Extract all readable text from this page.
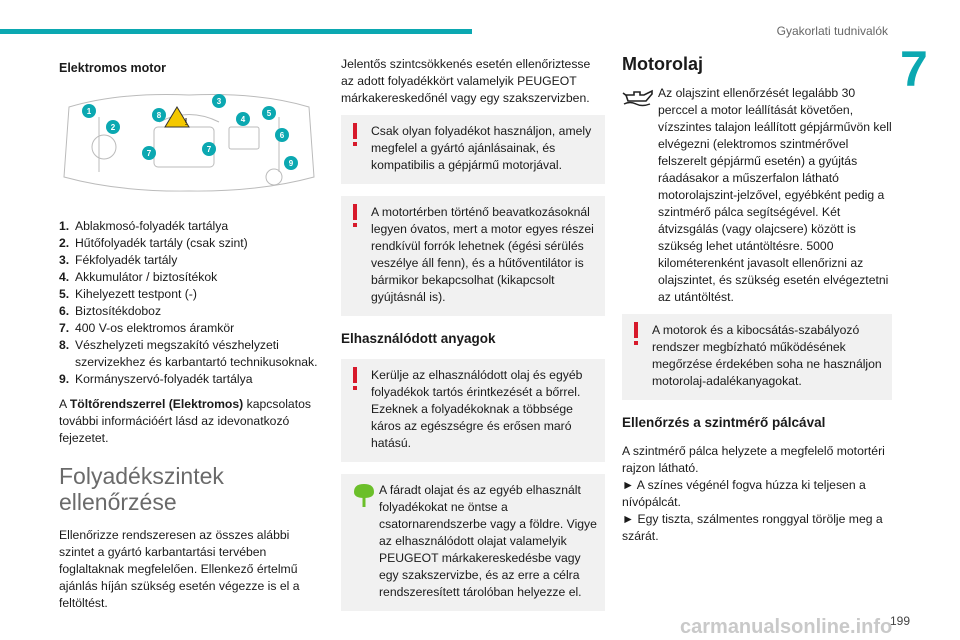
Gyakorlati tudnivalók
7
Elektromos motor
!
1
2
3
4
5
6
7	7
8
9
1. Ablakmosó-folyadék tartálya
2. Hűtőfolyadék tartály (csak szint)
3. Fékfolyadék tartály
4. Akkumulátor / biztosítékok
5. Kihelyezett testpont (-)
6. Biztosítékdoboz
7. 400 V-os elektromos áramkör
8. Vészhelyzeti megszakító vészhelyzeti szervizekhez és karbantartó technikusoknak.
9. Kormányszervó-folyadék tartálya

A Töltőrendszerrel (Elektromos) kapcsolatos további információért lásd az idevonatkozó fejezetet.

Folyadékszintek
ellenőrzése

Ellenőrizze rendszeresen az összes alábbi szintet a gyártó karbantartási tervében foglaltaknak megfelelően. Ellenkező értelmű ajánlás híján szükség esetén végezze is el a feltöltést.

Jelentős szintcsökkenés esetén ellenőriztesse az adott folyadékkört valamelyik PEUGEOT márkakereskedőnél vagy egy szakszervizben.

Csak olyan folyadékot használjon, amely megfelel a gyártó ajánlásainak, és kompatibilis a gépjármű motorjával.
A motortérben történő beavatkozásoknál legyen óvatos, mert a motor egyes részei rendkívül forrók lehetnek (égési sérülés veszélye áll fenn), és a hűtőventilátor is bármikor bekapcsolhat (kikapcsolt gyújtásnál is).
Elhasználódott anyagok
Kerülje az elhasználódott olaj és egyéb folyadékok tartós érintkezését a bőrrel. Ezeknek a folyadékoknak a többsége káros az egészségre és erősen maró hatású.
A fáradt olajat és az egyéb elhasznált folyadékokat ne öntse a csatornarendszerbe vagy a földre. Vigye az elhasználódott olajat valamelyik PEUGEOT márkakereskedésbe vagy egy szakszervizbe, és az erre a célra rendszeresített tárolóban helyezze el.
Motorolaj

Az olajszint ellenőrzését legalább 30 perccel a motor leállítását követően, vízszintes talajon leállított gépjárművön kell elvégezni (elektromos szintmérővel felszerelt gépjármű esetén) a gyújtás ráadásakor a műszerfalon látható motorolajszint-jelzővel, egyébként pedig a szintmérő pálca segítségével. Két átvizsgálás (vagy olajcsere) között is szükség lehet utántöltésre. 5000 kilométerenként javasolt ellenőrizni az olajszintet, és szükség esetén elvégeztetni az utántöltést.

A motorok és a kibocsátás-szabályozó rendszer megbízható működésének megőrzése érdekében soha ne használjon motorolaj-adalékanyagokat.
Ellenőrzés a szintmérő pálcával

A szintmérő pálca helyzete a megfelelő motortéri rajzon látható.

► A színes végénél fogva húzza ki teljesen a nívópálcát.

► Egy tiszta, szálmentes ronggyal törölje meg a szárát.

carmanualsonline.info
199
